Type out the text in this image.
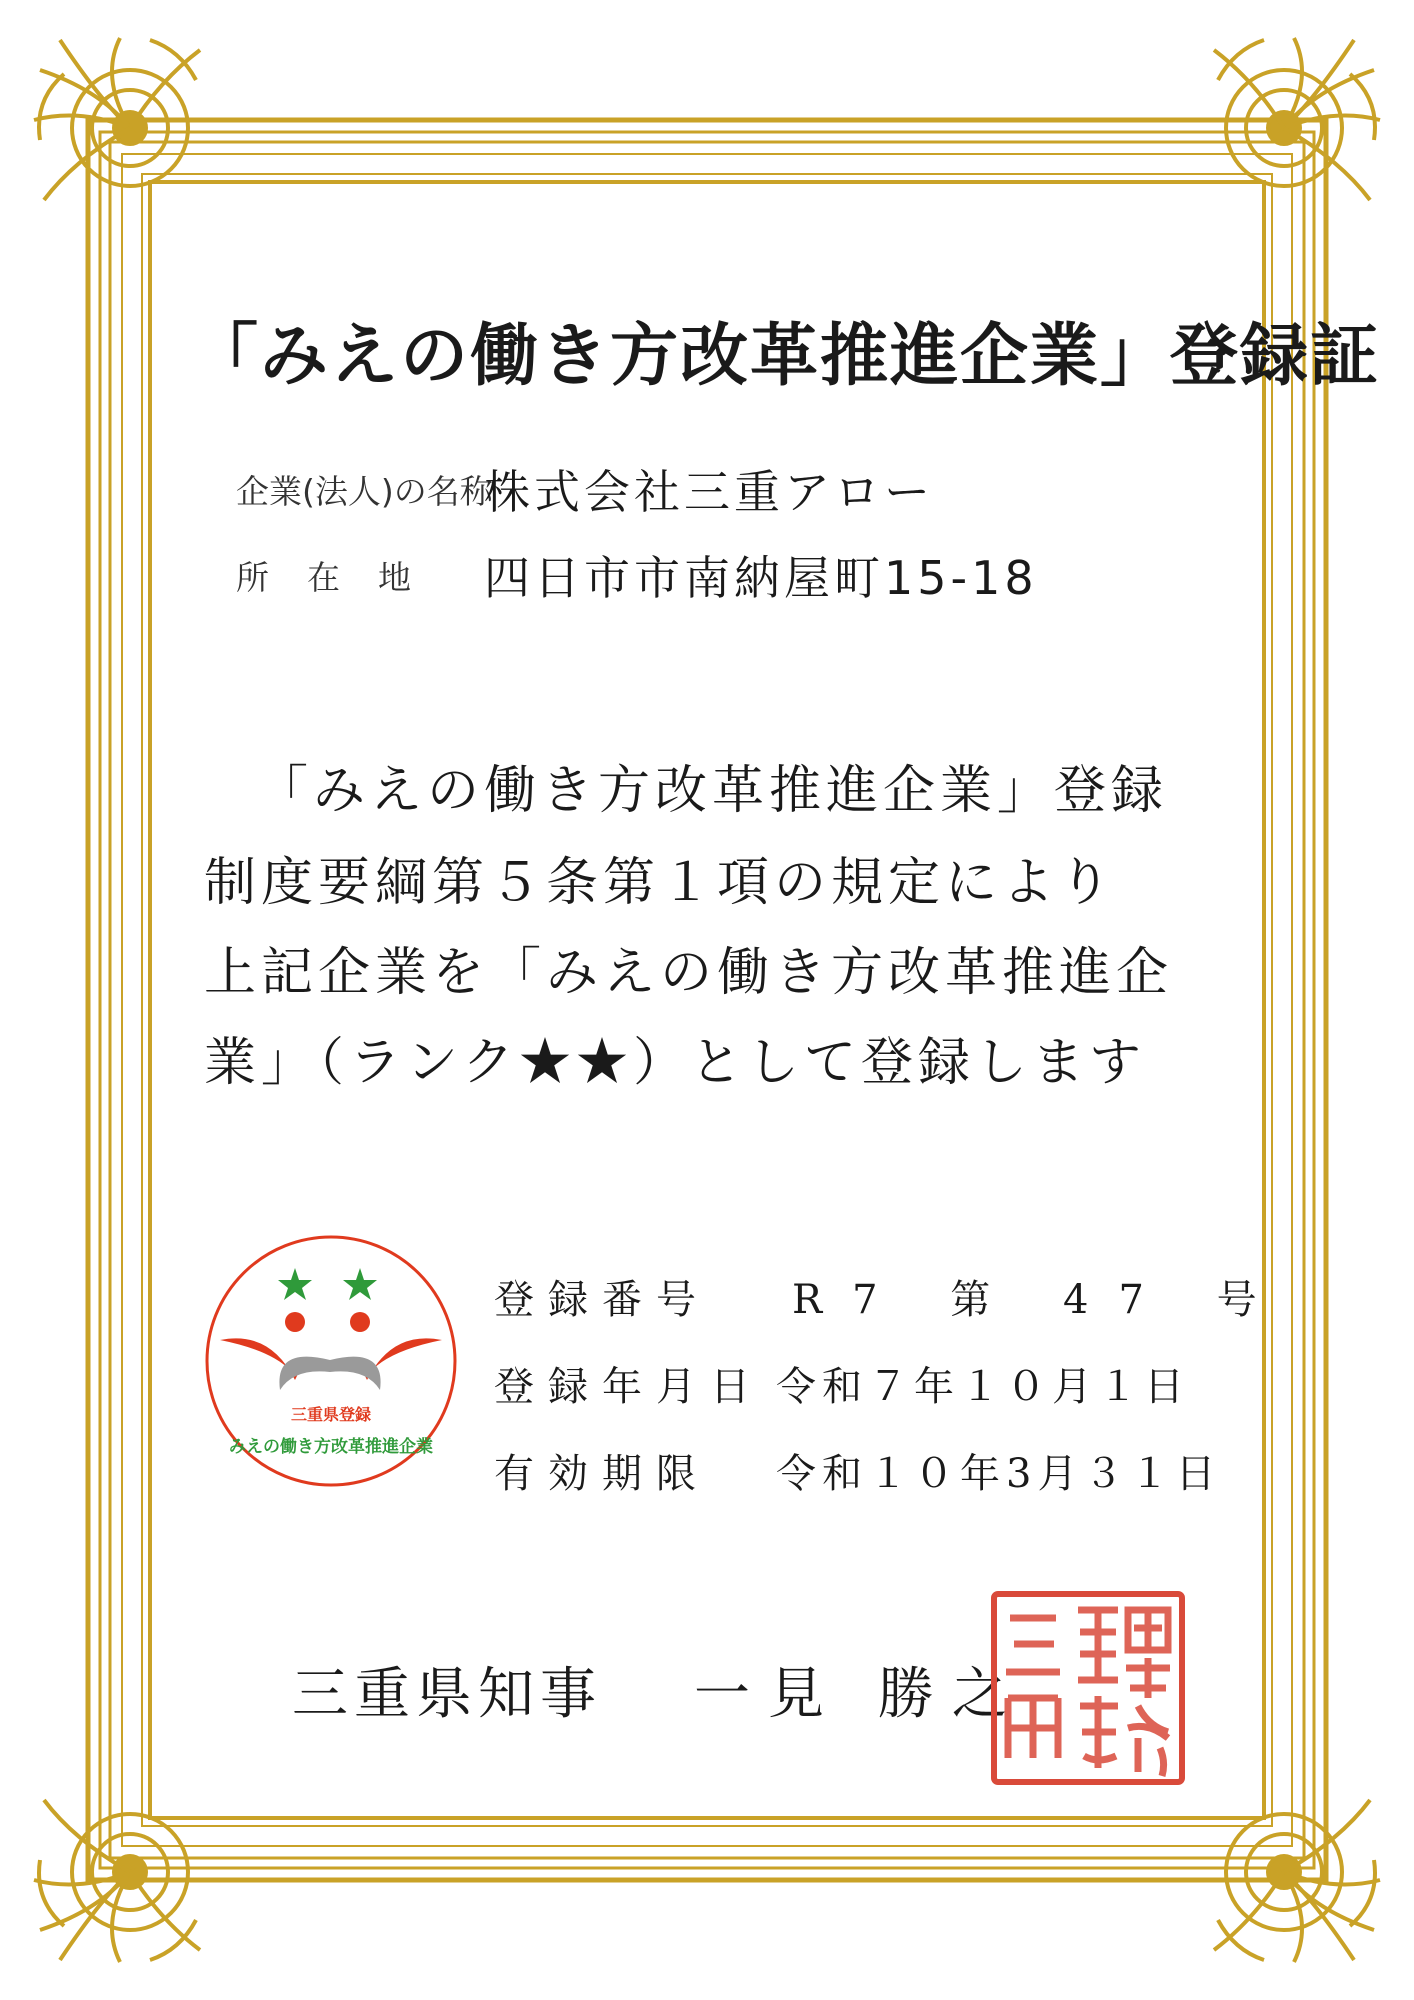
「みえの働き方改革推進企業」登録証
企業(法人)の名称
株式会社三重アロー
所在地 四日市市南納屋町15-18
「みえの働き方改革推進企業」登録
制度要綱第５条第１項の規定により
上記企業を「みえの働き方改革推進企
業」（ランク★★）として登録します
三重県登録
みえの働き方改革推進企業
登録番号 R7 第 47 号
登録年月日 令和７年１０月１日
有効期限 令和１０年3月３１日
三重県知事 一見 勝之
